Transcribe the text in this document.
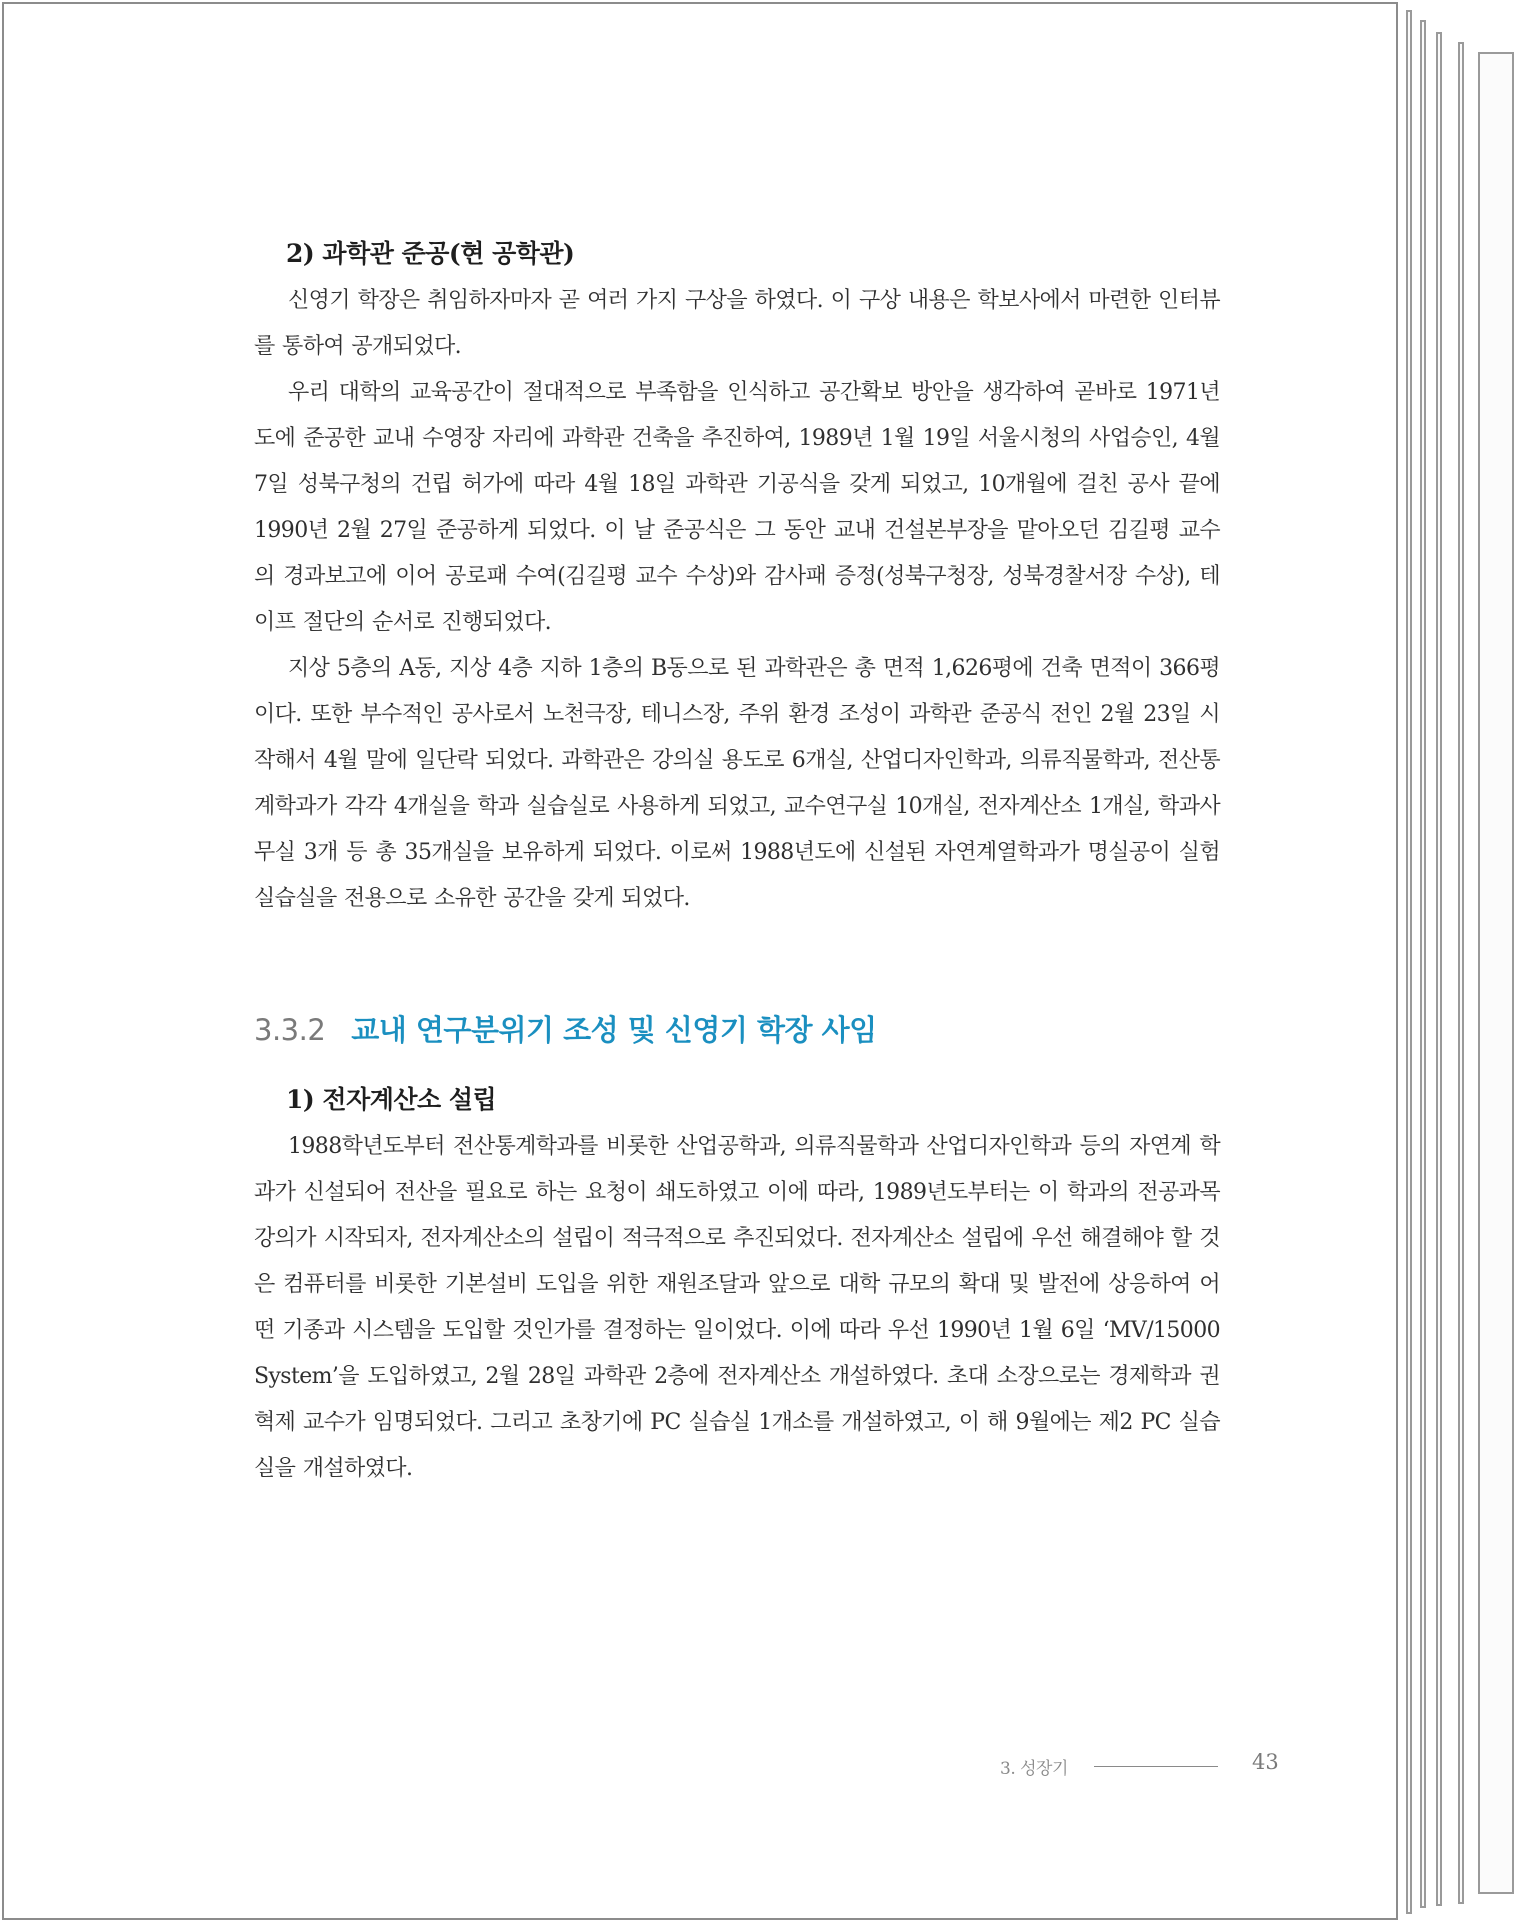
2) 과학관 준공(현 공학관)

신영기 학장은 취임하자마자 곧 여러 가지 구상을 하였다. 이 구상 내용은 학보사에서 마련한 인터뷰를 통하여 공개되었다.

우리 대학의 교육공간이 절대적으로 부족함을 인식하고 공간확보 방안을 생각하여 곧바로 1971년도에 준공한 교내 수영장 자리에 과학관 건축을 추진하여, 1989년 1월 19일 서울시청의 사업승인, 4월 7일 성북구청의 건립 허가에 따라 4월 18일 과학관 기공식을 갖게 되었고, 10개월에 걸친 공사 끝에 1990년 2월 27일 준공하게 되었다. 이 날 준공식은 그 동안 교내 건설본부장을 맡아오던 김길평 교수의 경과보고에 이어 공로패 수여(김길평 교수 수상)와 감사패 증정(성북구청장, 성북경찰서장 수상), 테이프 절단의 순서로 진행되었다.

지상 5층의 A동, 지상 4층 지하 1층의 B동으로 된 과학관은 총 면적 1,626평에 건축 면적이 366평이다. 또한 부수적인 공사로서 노천극장, 테니스장, 주위 환경 조성이 과학관 준공식 전인 2월 23일 시작해서 4월 말에 일단락 되었다. 과학관은 강의실 용도로 6개실, 산업디자인학과, 의류직물학과, 전산통계학과가 각각 4개실을 학과 실습실로 사용하게 되었고, 교수연구실 10개실, 전자계산소 1개실, 학과사무실 3개 등 총 35개실을 보유하게 되었다. 이로써 1988년도에 신설된 자연계열학과가 명실공이 실험실습실을 전용으로 소유한 공간을 갖게 되었다.

3.3.2 교내 연구분위기 조성 및 신영기 학장 사임
1) 전자계산소 설립

1988학년도부터 전산통계학과를 비롯한 산업공학과, 의류직물학과 산업디자인학과 등의 자연계 학과가 신설되어 전산을 필요로 하는 요청이 쇄도하였고 이에 따라, 1989년도부터는 이 학과의 전공과목 강의가 시작되자, 전자계산소의 설립이 적극적으로 추진되었다. 전자계산소 설립에 우선 해결해야 할 것은 컴퓨터를 비롯한 기본설비 도입을 위한 재원조달과 앞으로 대학 규모의 확대 및 발전에 상응하여 어떤 기종과 시스템을 도입할 것인가를 결정하는 일이었다. 이에 따라 우선 1990년 1월 6일 ‘MV/15000 System’을 도입하였고, 2월 28일 과학관 2층에 전자계산소 개설하였다. 초대 소장으로는 경제학과 권혁제 교수가 임명되었다. 그리고 초창기에 PC 실습실 1개소를 개설하였고, 이 해 9월에는 제2 PC 실습실을 개설하였다.

3. 성장기	43
